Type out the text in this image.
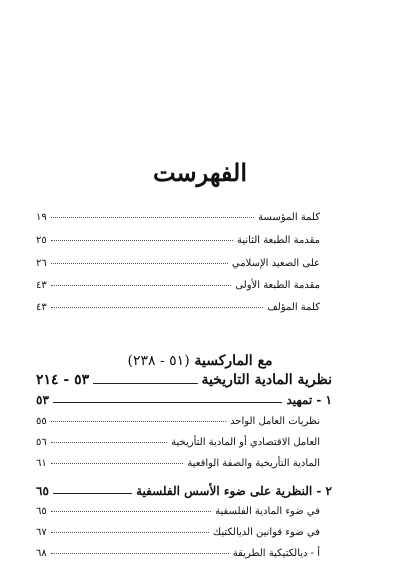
الفهرست
كلمة المؤسسة
١٩
مقدمة الطبعة الثانية
٢٥
على الصعيد الإسلامي
٢٦
مقدمة الطبعة الأولى
٤٣
كلمة المؤلف
٤٣
مع الماركسية (٥١ - ٢٣٨)
نظرية المادية التاريخية
٥٣ - ٢١٤
١ - تمهيد
٥٣
نظريات العامل الواحد
٥٥
العامل الاقتصادي أو المادية التأريخية
٥٦
المادية التأريخية والصفة الواقعية
٦١
٢ - النظرية على ضوء الأسس الفلسفية
٦٥
في ضوء المادية الفلسفية
٦٥
في ضوء قوانين الديالكتيك
٦٧
أ - ديالكتيكية الطريقة
٦٨
